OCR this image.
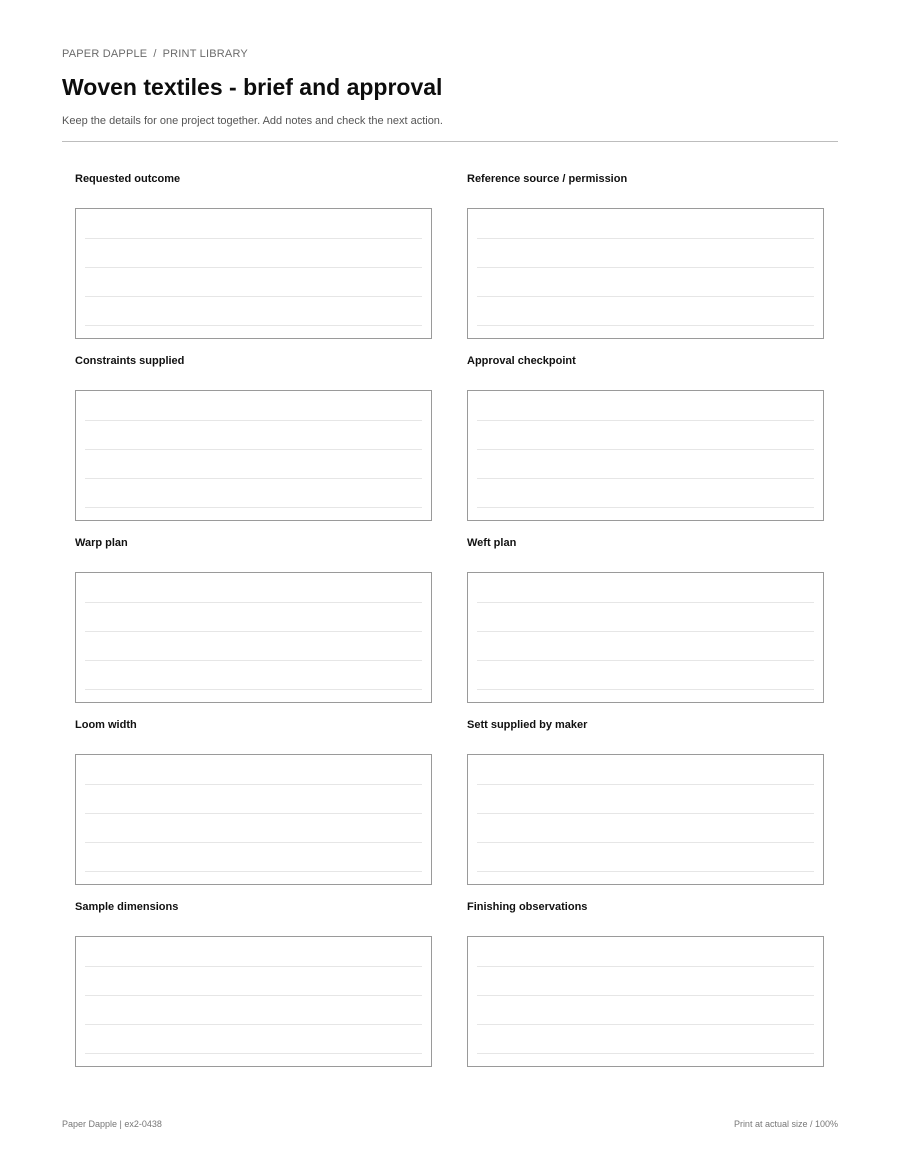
PAPER DAPPLE / PRINT LIBRARY
Woven textiles - brief and approval
Keep the details for one project together. Add notes and check the next action.
Requested outcome	Reference source / permission
Constraints supplied	Approval checkpoint
Warp plan	Weft plan
Loom width	Sett supplied by maker
Sample dimensions	Finishing observations
Paper Dapple | ex2-0438	Print at actual size / 100%
